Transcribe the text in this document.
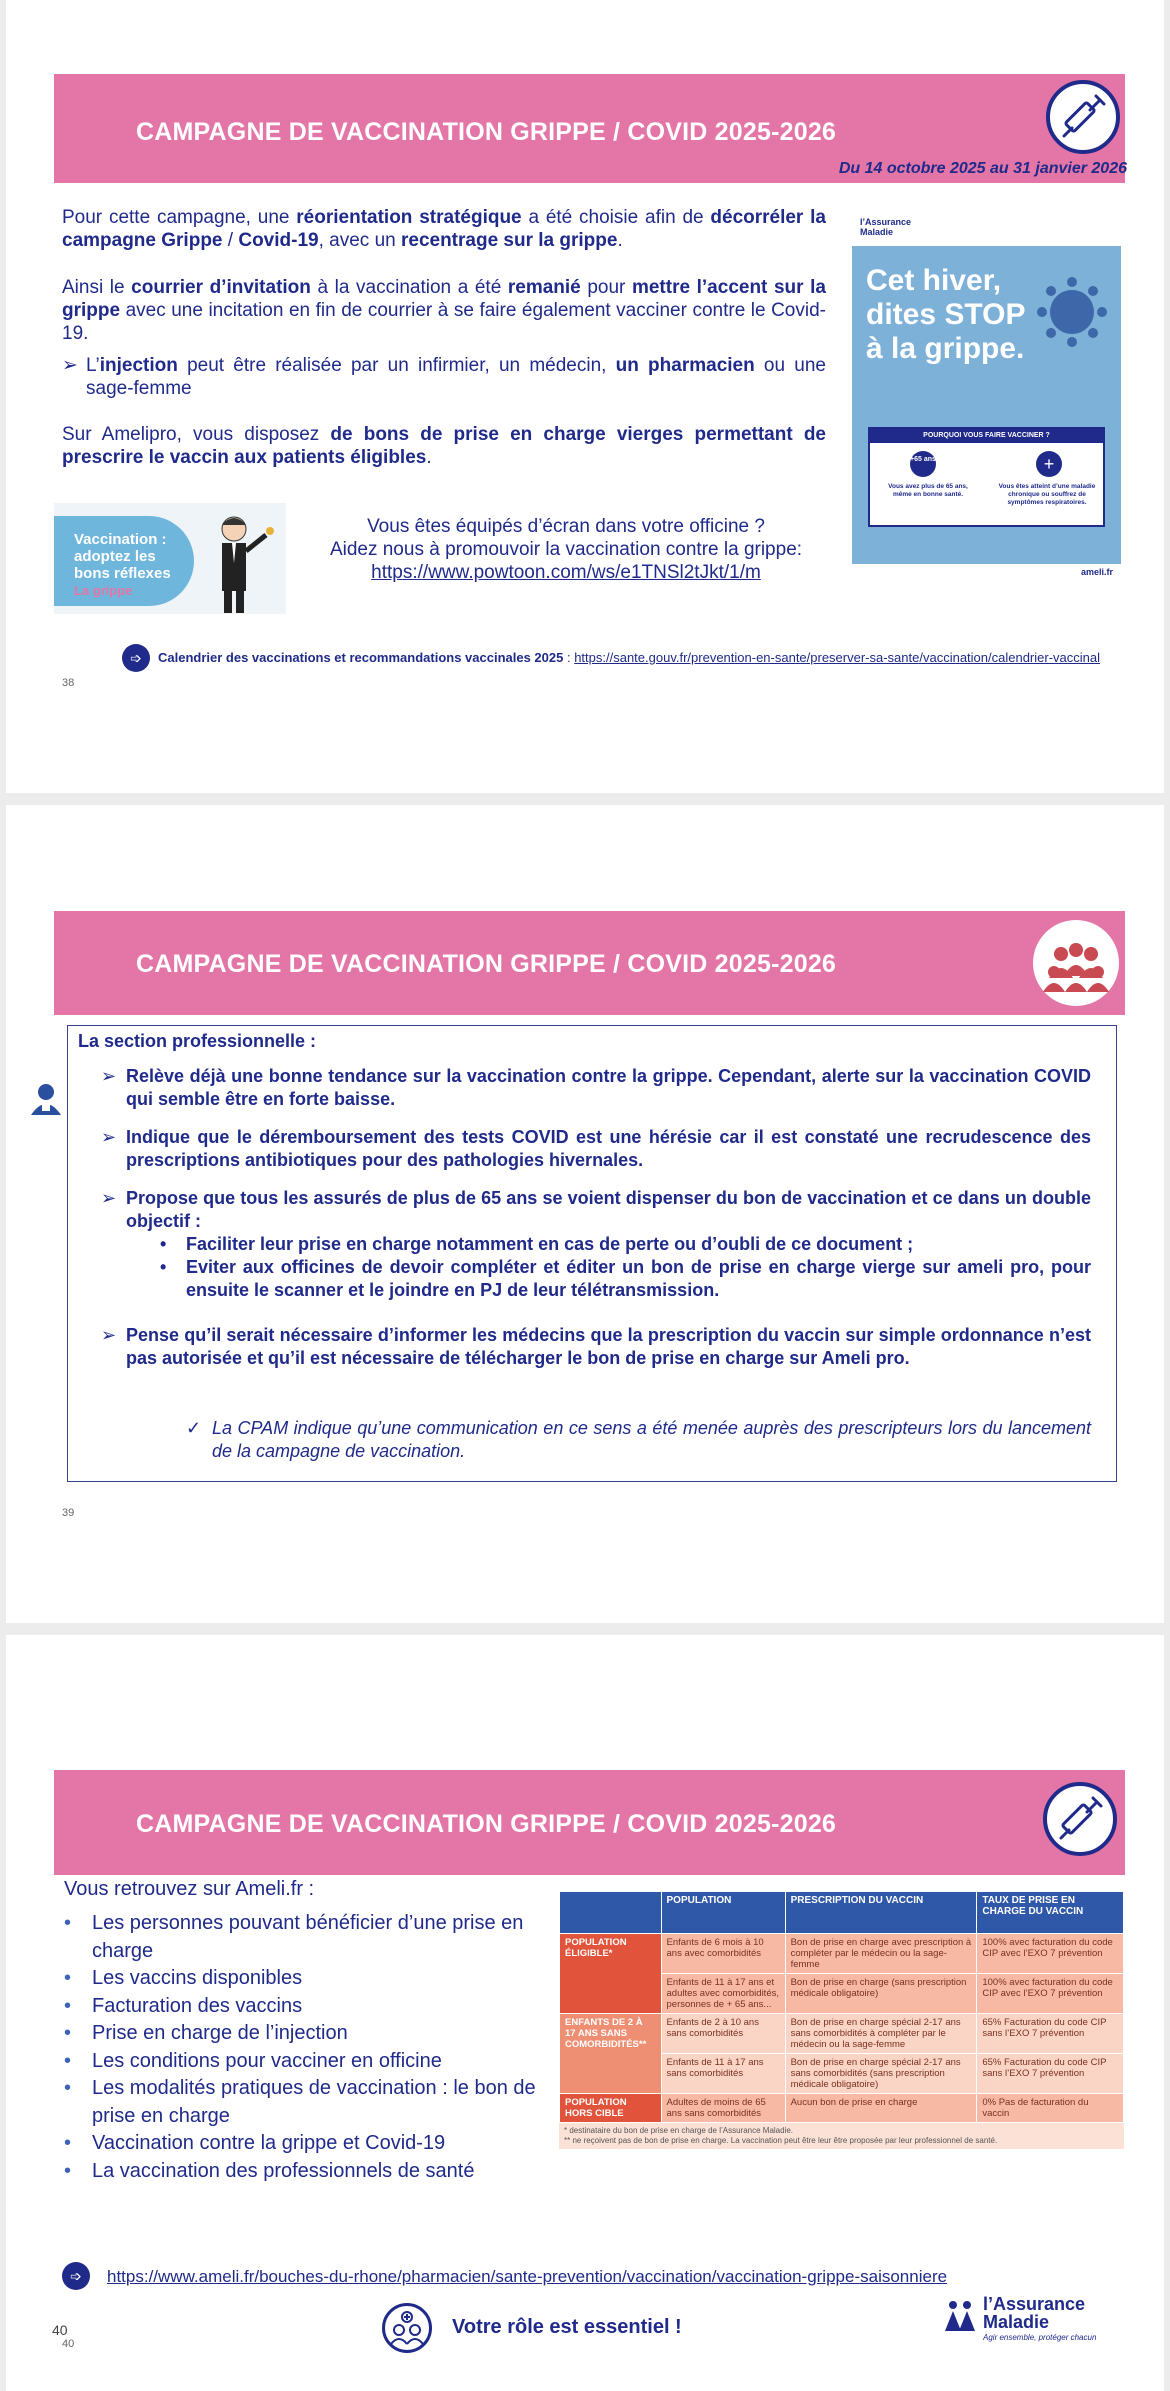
CAMPAGNE DE VACCINATION GRIPPE / COVID 2025-2026
Du 14 octobre 2025 au 31 janvier 2026
Pour cette campagne, une réorientation stratégique a été choisie afin de décorréler la campagne Grippe / Covid-19, avec un recentrage sur la grippe.
Ainsi le courrier d’invitation à la vaccination a été remanié pour mettre l’accent sur la grippe avec une incitation en fin de courrier à se faire également vacciner contre le Covid-19.
➢ L’injection peut être réalisée par un infirmier, un médecin, un pharmacien ou une sage-femme
Sur Amelipro, vous disposez de bons de prise en charge vierges permettant de prescrire le vaccin aux patients éligibles.
l’Assurance Maladie
Cet hiver, dites STOP à la grippe.
POURQUOI VOUS FAIRE VACCINER ?
+65 ans	+
Vous avez plus de 65 ans, même en bonne santé.
Vous êtes atteint d’une maladie chronique ou souffrez de symptômes respiratoires.
ameli.fr
Vaccination :
adoptez les
bons réflexes
La grippe
Vous êtes équipés d’écran dans votre officine ?
Aidez nous à promouvoir la vaccination contre la grippe:
https://www.powtoon.com/ws/e1TNSl2tJkt/1/m
➩	Calendrier des vaccinations et recommandations vaccinales 2025 : https://sante.gouv.fr/prevention-en-sante/preserver-sa-sante/vaccination/calendrier-vaccinal
38
CAMPAGNE DE VACCINATION GRIPPE / COVID 2025-2026
La section professionnelle :
➢ Relève déjà une bonne tendance sur la vaccination contre la grippe. Cependant, alerte sur la vaccination COVID qui semble être en forte baisse.
➢ Indique que le déremboursement des tests COVID est une hérésie car il est constaté une recrudescence des prescriptions antibiotiques pour des pathologies hivernales.
➢ Propose que tous les assurés de plus de 65 ans se voient dispenser du bon de vaccination et ce dans un double objectif :
• Faciliter leur prise en charge notamment en cas de perte ou d’oubli de ce document ;
• Eviter aux officines de devoir compléter et éditer un bon de prise en charge vierge sur ameli pro, pour ensuite le scanner et le joindre en PJ de leur télétransmission.
➢ Pense qu’il serait nécessaire d’informer les médecins que la prescription du vaccin sur simple ordonnance n’est pas autorisée et qu’il est nécessaire de télécharger le bon de prise en charge sur Ameli pro.
✓ La CPAM indique qu’une communication en ce sens a été menée auprès des prescripteurs lors du lancement de la campagne de vaccination.
39
CAMPAGNE DE VACCINATION GRIPPE / COVID 2025-2026
Vous retrouvez sur Ameli.fr :
• Les personnes pouvant bénéficier d’une prise en charge
• Les vaccins disponibles
• Facturation des vaccins
• Prise en charge de l’injection
• Les conditions pour vacciner en officine
• Les modalités pratiques de vaccination : le bon de prise en charge
• Vaccination contre la grippe et Covid-19
• La vaccination des professionnels de santé
	POPULATION	PRESCRIPTION DU VACCIN	TAUX DE PRISE EN CHARGE DU VACCIN
POPULATION ÉLIGIBLE*	Enfants de 6 mois à 10 ans avec comorbidités	Bon de prise en charge avec prescription à compléter par le médecin ou la sage-femme	100% avec facturation du code CIP avec l’EXO 7 prévention
	Enfants de 11 à 17 ans et adultes avec comorbidités, personnes de + 65 ans...	Bon de prise en charge (sans prescription médicale obligatoire)	100% avec facturation du code CIP avec l’EXO 7 prévention
ENFANTS DE 2 À 17 ANS SANS COMORBIDITÉS**	Enfants de 2 à 10 ans sans comorbidités	Bon de prise en charge spécial 2-17 ans sans comorbidités à compléter par le médecin ou la sage-femme	65% Facturation du code CIP sans l’EXO 7 prévention
	Enfants de 11 à 17 ans sans comorbidités	Bon de prise en charge spécial 2-17 ans sans comorbidités (sans prescription médicale obligatoire)	65% Facturation du code CIP sans l’EXO 7 prévention
POPULATION HORS CIBLE	Adultes de moins de 65 ans sans comorbidités	Aucun bon de prise en charge	0% Pas de facturation du vaccin
* destinataire du bon de prise en charge de l’Assurance Maladie.
** ne reçoivent pas de bon de prise en charge. La vaccination peut être leur être proposée par leur professionnel de santé.
➩	https://www.ameli.fr/bouches-du-rhone/pharmacien/sante-prevention/vaccination/vaccination-grippe-saisonniere
Votre rôle est essentiel !
l’Assurance Maladie
Agir ensemble, protéger chacun
40
40
